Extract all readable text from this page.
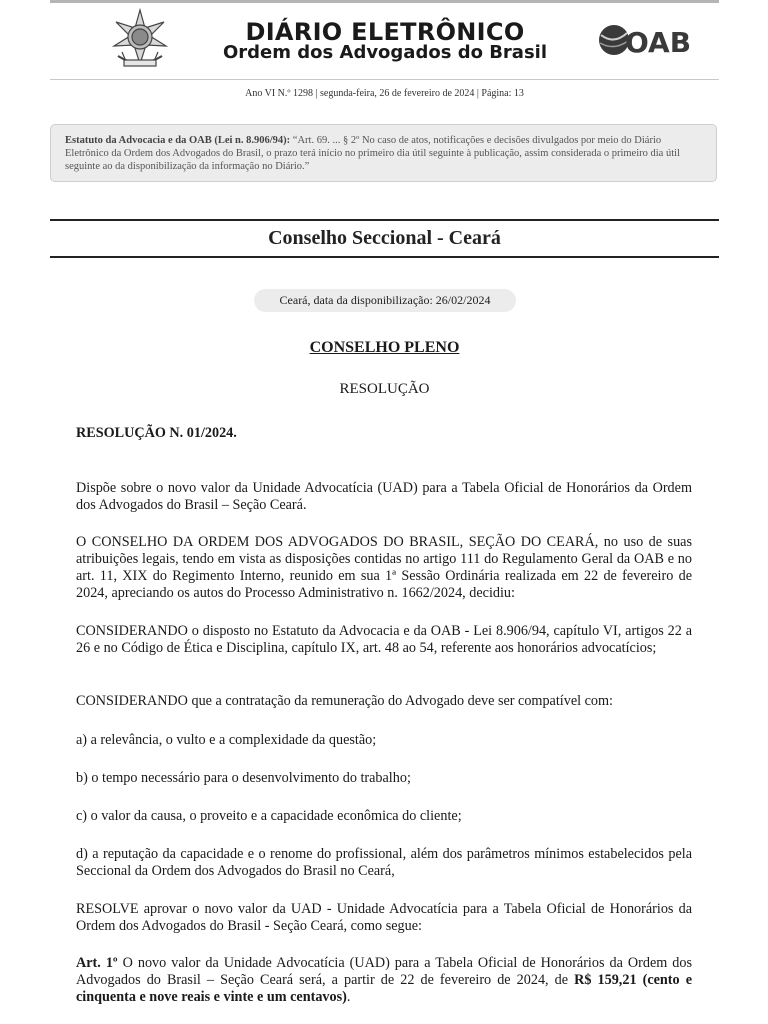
DIÁRIO ELETRÔNICO
Ordem dos Advogados do Brasil	OAB
Ano VI N.º 1298 | segunda-feira, 26 de fevereiro de 2024 | Página: 13
Estatuto da Advocacia e da OAB (Lei n. 8.906/94): “Art. 69. ... § 2º No caso de atos, notificações e decisões divulgados por meio do Diário Eletrônico da Ordem dos Advogados do Brasil, o prazo terá início no primeiro dia útil seguinte à publicação, assim considerada o primeiro dia útil seguinte ao da disponibilização da informação no Diário.”
Conselho Seccional - Ceará
Ceará, data da disponibilização: 26/02/2024
CONSELHO PLENO
RESOLUÇÃO
RESOLUÇÃO N. 01/2024.
Dispõe sobre o novo valor da Unidade Advocatícia (UAD) para a Tabela Oficial de Honorários da Ordem dos Advogados do Brasil – Seção Ceará.
O CONSELHO DA ORDEM DOS ADVOGADOS DO BRASIL, SEÇÃO DO CEARÁ, no uso de suas atribuições legais, tendo em vista as disposições contidas no artigo 111 do Regulamento Geral da OAB e no art. 11, XIX do Regimento Interno, reunido em sua 1ª Sessão Ordinária realizada em 22 de fevereiro de 2024, apreciando os autos do Processo Administrativo n. 1662/2024, decidiu:
CONSIDERANDO o disposto no Estatuto da Advocacia e da OAB - Lei 8.906/94, capítulo VI, artigos 22 a 26 e no Código de Ética e Disciplina, capítulo IX, art. 48 ao 54, referente aos honorários advocatícios;
CONSIDERANDO que a contratação da remuneração do Advogado deve ser compatível com:
a) a relevância, o vulto e a complexidade da questão;
b) o tempo necessário para o desenvolvimento do trabalho;
c) o valor da causa, o proveito e a capacidade econômica do cliente;
d) a reputação da capacidade e o renome do profissional, além dos parâmetros mínimos estabelecidos pela Seccional da Ordem dos Advogados do Brasil no Ceará,
RESOLVE aprovar o novo valor da UAD - Unidade Advocatícia para a Tabela Oficial de Honorários da Ordem dos Advogados do Brasil - Seção Ceará, como segue:
Art. 1º O novo valor da Unidade Advocatícia (UAD) para a Tabela Oficial de Honorários da Ordem dos Advogados do Brasil – Seção Ceará será, a partir de 22 de fevereiro de 2024, de R$ 159,21 (cento e cinquenta e nove reais e vinte e um centavos).
